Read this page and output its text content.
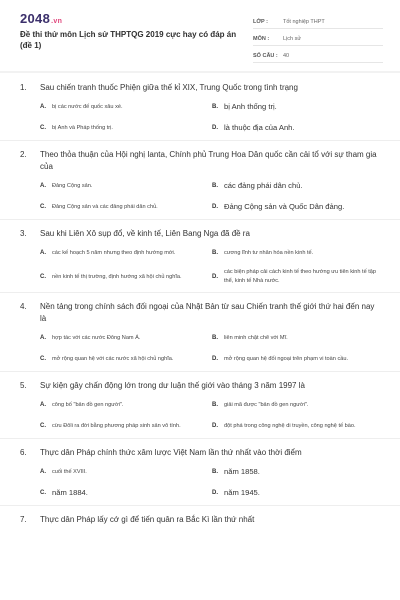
2048.vn
Đề thi thử môn Lịch sử THPTQG 2019 cực hay có đáp án (đề 1)
LỚP :	Tốt nghiệp THPT
MÔN :	Lịch sử
SỐ CÂU : 40
1.	Sau chiến tranh thuốc Phiện giữa thế kỉ XIX, Trung Quốc trong tình trạng
A.	bị các nước đế quốc xâu xé.	B. bị Anh thống trị.
C.	bị Anh và Pháp thống trị.	D. là thuộc địa của Anh.
2.	Theo thỏa thuận của Hội nghị Ianta, Chính phủ Trung Hoa Dân quốc cần cải tổ với sự tham gia của
A.	Đảng Cộng sản.	B. các đảng phái dân chủ.
C.	Đảng Cộng sản và các đảng phái dân chủ.	D. Đảng Cộng sản và Quốc Dân đảng.
3.	Sau khi Liên Xô sụp đổ, về kinh tế, Liên Bang Nga đã đề ra
A.	các kế hoạch 5 năm nhưng theo định hướng mới.	B.	cương lĩnh tư nhân hóa nền kinh tế.
C.	nền kinh tế thị trường, định hướng xã hội chủ nghĩa.	D.
các biện pháp cải cách kinh tế theo hướng ưu tiên kinh tế tập thể, kinh tế Nhà nước.
4.	Nền tảng trong chính sách đối ngoại của Nhật Bản từ sau Chiến tranh thế giới thứ hai đến nay là
A.	hợp tác với các nước Đông Nam Á.	B.	liên minh chặt chẽ với Mĩ.
C.	mở rộng quan hệ với các nước xã hội chủ nghĩa.	D.	mở rộng quan hệ đối ngoại trên phạm vi toàn cầu.
5.	Sự kiện gây chấn động lớn trong dư luận thế giới vào tháng 3 năm 1997 là
A.	công bố "bản đồ gen người".	B.	giải mã được "bản đồ gen người".
C.	cừu Đôli ra đời bằng phương pháp sinh sản vô tính.	D.	đột phá trong công nghệ di truyền, công nghệ tế bào.
6.	Thực dân Pháp chính thức xâm lược Việt Nam lần thứ nhất vào thời điểm
A.	cuối thế XVIII.	B. năm 1858.
C. năm 1884.	D. năm 1945.
7.	Thực dân Pháp lấy cớ gì để tiến quân ra Bắc Kì lần thứ nhất
